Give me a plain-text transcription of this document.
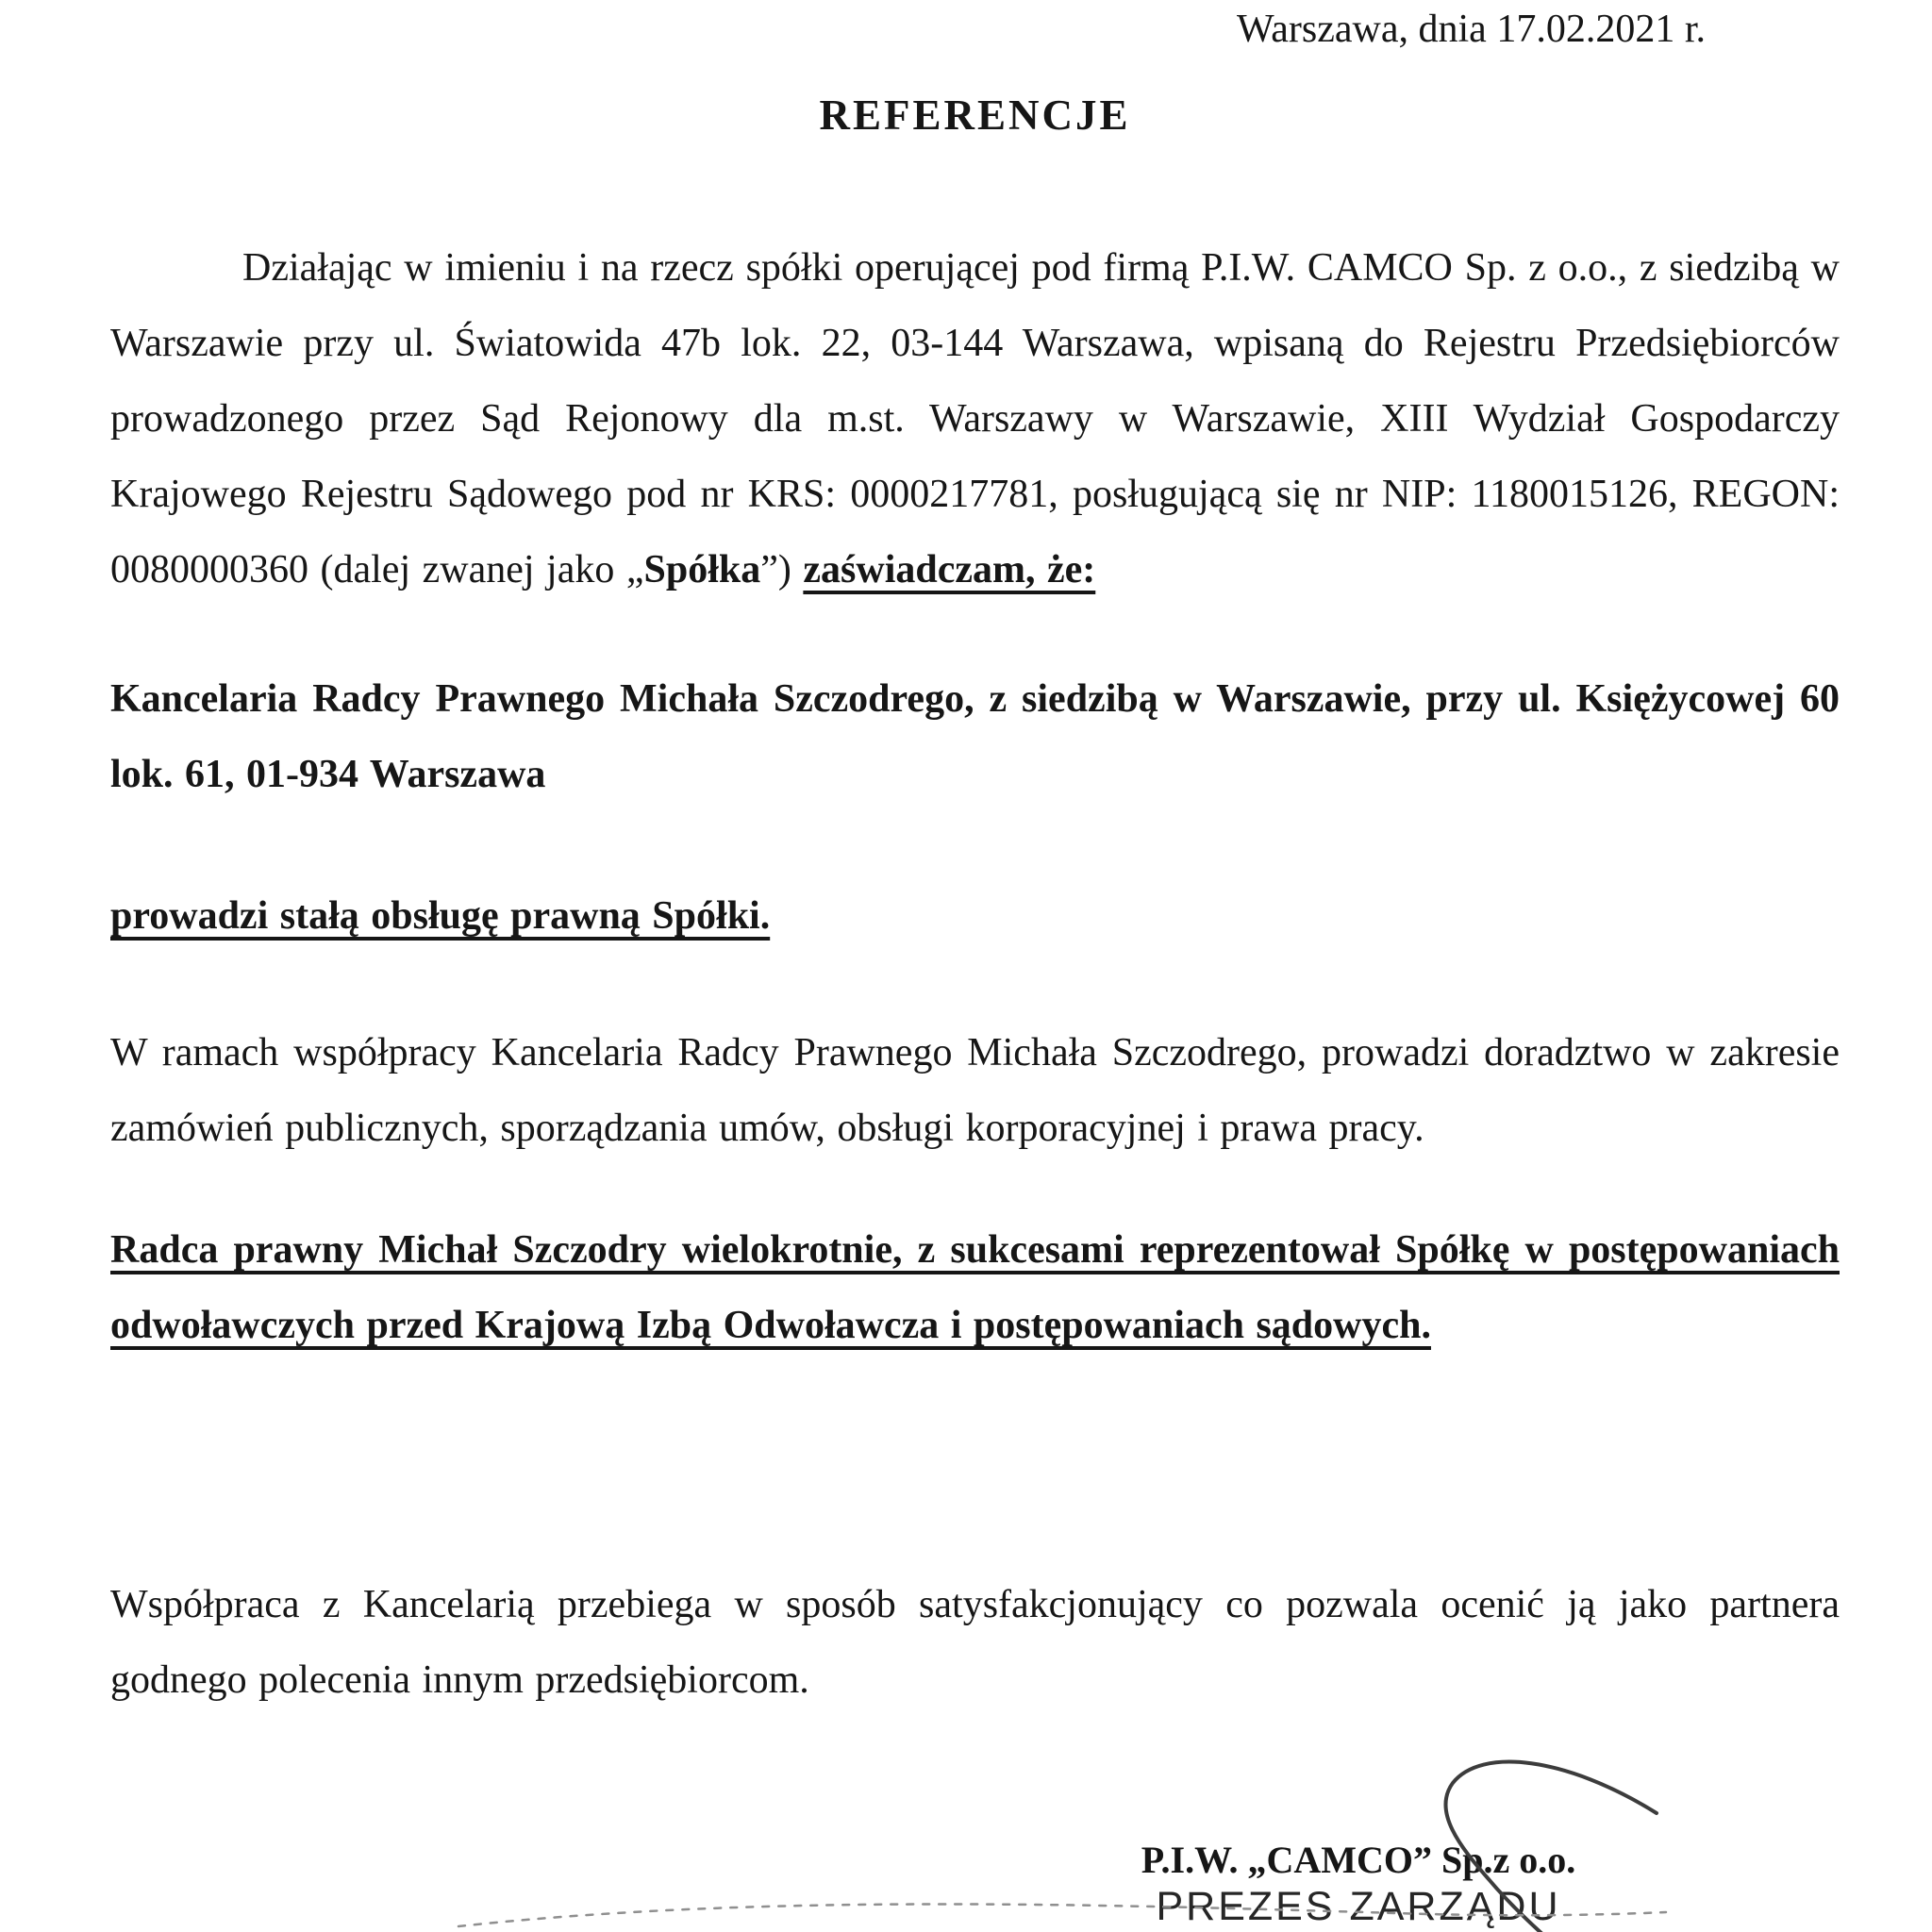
Warszawa, dnia 17.02.2021 r.
REFERENCJE
Działając w imieniu i na rzecz spółki operującej pod firmą P.I.W. CAMCO Sp. z o.o., z siedzibą w Warszawie przy ul. Światowida 47b lok. 22, 03-144 Warszawa, wpisaną do Rejestru Przedsiębiorców prowadzonego przez Sąd Rejonowy dla m.st. Warszawy w Warszawie, XIII Wydział Gospodarczy Krajowego Rejestru Sądowego pod nr KRS: 0000217781, posługującą się nr NIP: 1180015126, REGON: 0080000360 (dalej zwanej jako „Spółka”) zaświadczam, że:
Kancelaria Radcy Prawnego Michała Szczodrego, z siedzibą w Warszawie, przy ul. Księżycowej 60 lok. 61, 01-934 Warszawa
prowadzi stałą obsługę prawną Spółki.
W ramach współpracy Kancelaria Radcy Prawnego Michała Szczodrego, prowadzi doradztwo w zakresie zamówień publicznych, sporządzania umów, obsługi korporacyjnej i prawa pracy.
Radca prawny Michał Szczodry wielokrotnie, z sukcesami reprezentował Spółkę w postępowaniach odwoławczych przed Krajową Izbą Odwoławcza i postępowaniach sądowych.
Współpraca z Kancelarią przebiega w sposób satysfakcjonujący co pozwala ocenić ją jako partnera godnego polecenia innym przedsiębiorcom.
P.I.W. „CAMCO” Sp.z o.o.
PREZES ZARZĄDU
